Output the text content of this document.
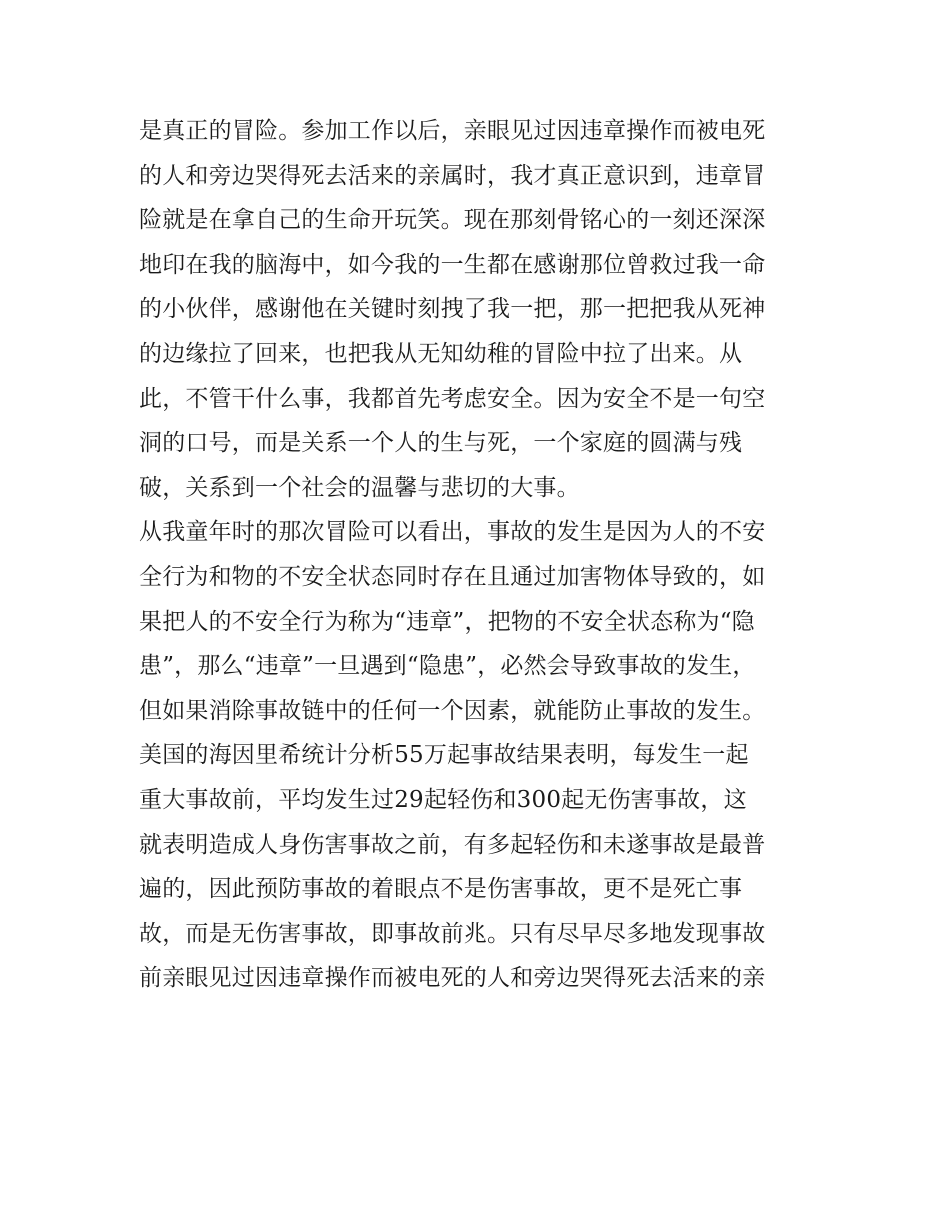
是真正的冒险。参加工作以后，亲眼见过因违章操作而被电死
的人和旁边哭得死去活来的亲属时，我才真正意识到，违章冒
险就是在拿自己的生命开玩笑。现在那刻骨铭心的一刻还深深
地印在我的脑海中，如今我的一生都在感谢那位曾救过我一命
的小伙伴，感谢他在关键时刻拽了我一把，那一把把我从死神
的边缘拉了回来，也把我从无知幼稚的冒险中拉了出来。从
此，不管干什么事，我都首先考虑安全。因为安全不是一句空
洞的口号，而是关系一个人的生与死，一个家庭的圆满与残
破，关系到一个社会的温馨与悲切的大事。
从我童年时的那次冒险可以看出，事故的发生是因为人的不安
全行为和物的不安全状态同时存在且通过加害物体导致的，如
果把人的不安全行为称为“违章”，把物的不安全状态称为“隐
患”，那么“违章”一旦遇到“隐患”，必然会导致事故的发生，
但如果消除事故链中的任何一个因素，就能防止事故的发生。
美国的海因里希统计分析55万起事故结果表明，每发生一起
重大事故前，平均发生过29起轻伤和300起无伤害事故，这
就表明造成人身伤害事故之前，有多起轻伤和未遂事故是最普
遍的，因此预防事故的着眼点不是伤害事故，更不是死亡事
故，而是无伤害事故，即事故前兆。只有尽早尽多地发现事故
前亲眼见过因违章操作而被电死的人和旁边哭得死去活来的亲
